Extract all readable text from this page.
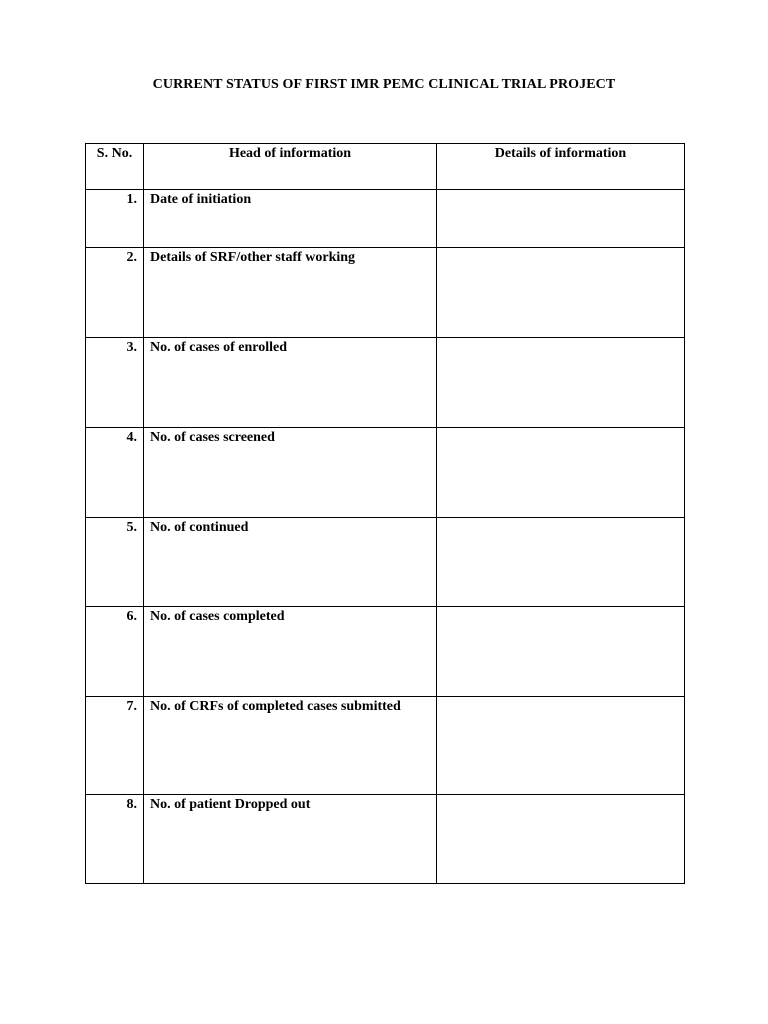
CURRENT STATUS OF FIRST IMR PEMC CLINICAL TRIAL PROJECT
S. No.	Head of information	Details of information
1.	Date of initiation	
2.	Details of SRF/other staff working	
3.	No. of cases of enrolled	
4.	No. of cases screened	
5.	No. of continued	
6.	No. of cases completed	
7.	No. of CRFs of completed cases submitted	
8.	No. of patient Dropped out	
